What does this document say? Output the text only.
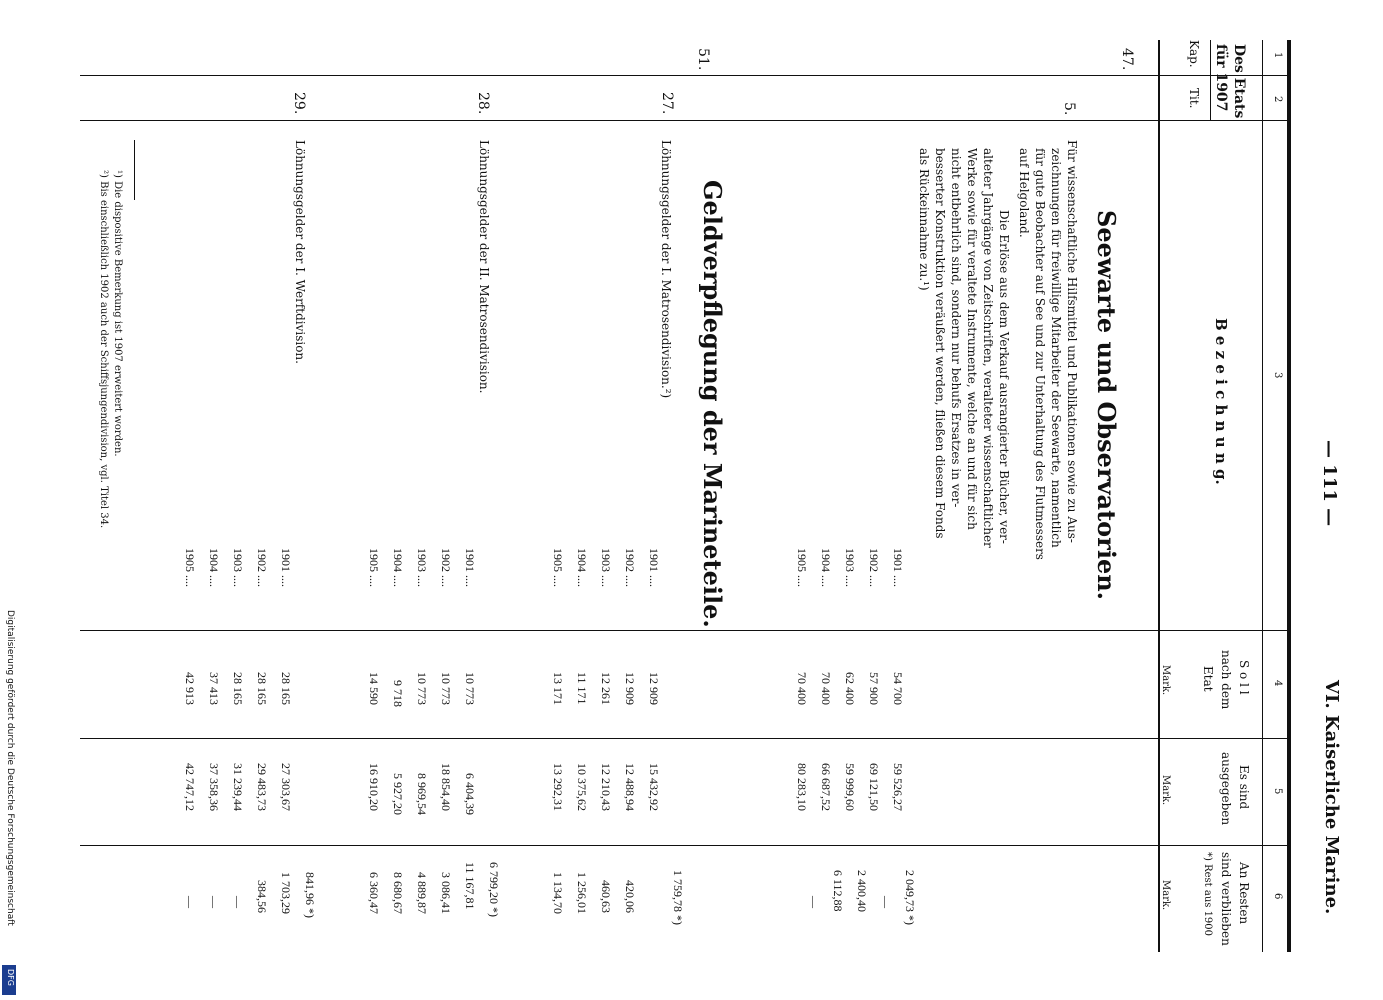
VI. Kaiserliche Marine.
— 111 —
1
2
3
4
5
6
Des Etats
für 1907
Kap.
Tit.
B e z e i c h n u n g.
S o l l
nach dem
Etat
Mark.
Es sind
ausgegeben
Mark.
An Resten
sind verblieben
*) Rest aus 1900
Mark.
47.
Seewarte und Observatorien.
5.
Für wissenschaftliche Hilfsmittel und Publikationen sowie zu Aus-
zeichnungen für freiwillige Mitarbeiter der Seewarte, namentlich
für gute Beobachter auf See und zur Unterhaltung des Flutmessers
auf Helgoland.
Die Erlöse aus dem Verkauf ausrangierter Bücher, ver-
alteter Jahrgänge von Zeitschriften, veralteter wissenschaftlicher
Werke sowie für veraltete Instrumente, welche an und für sich
nicht entbehrlich sind, sondern nur behufs Ersatzes in ver-
besserter Konstruktion veräußert werden, fließen diesem Fonds
als Rückeinnahme zu.¹)
1901 ....
54 700
59 526,27
2 049,73 *)
1902 ....
57 900
69 121,50
—
1903 ....
62 400
59 999,60
2 400,40
1904 ....
70 400
66 687,52
6 112,88
1905 ....
70 400
80 283,10
—
51.
Geldverpflegung der Marineteile.
27.
Löhnungsgelder der I. Matrosendivision.²)
1901 ....
12 909
15 432,92
1 759,78 *)
1902 ....
12 909
12 488,94
420,06
1903 ....
12 261
12 210,43
460,63
1904 ....
11 171
10 375,62
1 256,01
1905 ....
13 171
13 292,31
1 134,70
28.
Löhnungsgelder der II. Matrosendivision.
1901 ....
10 773
6 404,39
6 799,20 *)
1902 ....
10 773
18 854,40
11 167,81
1903 ....
10 773
8 969,54
3 086,41
1904 ....
9 718
5 927,20
4 889,87
1905 ....
14 590
16 910,20
8 680,67
6 360,47
29.
Löhnungsgelder der I. Werftdivision.
1901 ....
28 165
27 303,67
841,96 *)
1902 ....
28 165
29 483,73
1 703,29
1903 ....
28 165
31 239,44
384,56
1904 ....
37 413
37 358,36
—
1905 ....
42 913
42 747,12
—
—
¹) Die dispositive Bemerkung ist 1907 erweitert worden.
²) Bis einschließlich 1902 auch der Schiffsjungendivision, vgl. Titel 34.
Digitalisierung gefördert durch die Deutsche Forschungsgemeinschaft
DFG
